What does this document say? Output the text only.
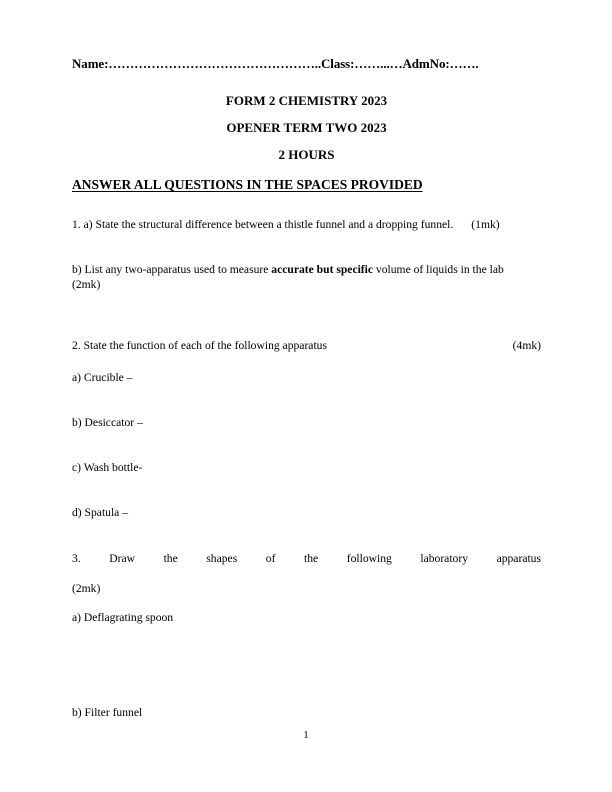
Name:…………………………………………..Class:……...…AdmNo:…….
FORM 2 CHEMISTRY 2023
OPENER TERM TWO 2023
2 HOURS
ANSWER ALL QUESTIONS IN THE SPACES PROVIDED
1. a) State the structural difference between a thistle funnel and a dropping funnel. (1mk)
b) List any two-apparatus used to measure accurate but specific volume of liquids in the lab
(2mk)
(4mk)
2. State the function of each of the following apparatus
a) Crucible –
b) Desiccator –
c) Wash bottle-
d) Spatula –
3. Draw the shapes of the following laboratory apparatus
(2mk)
a) Deflagrating spoon
b) Filter funnel
1
